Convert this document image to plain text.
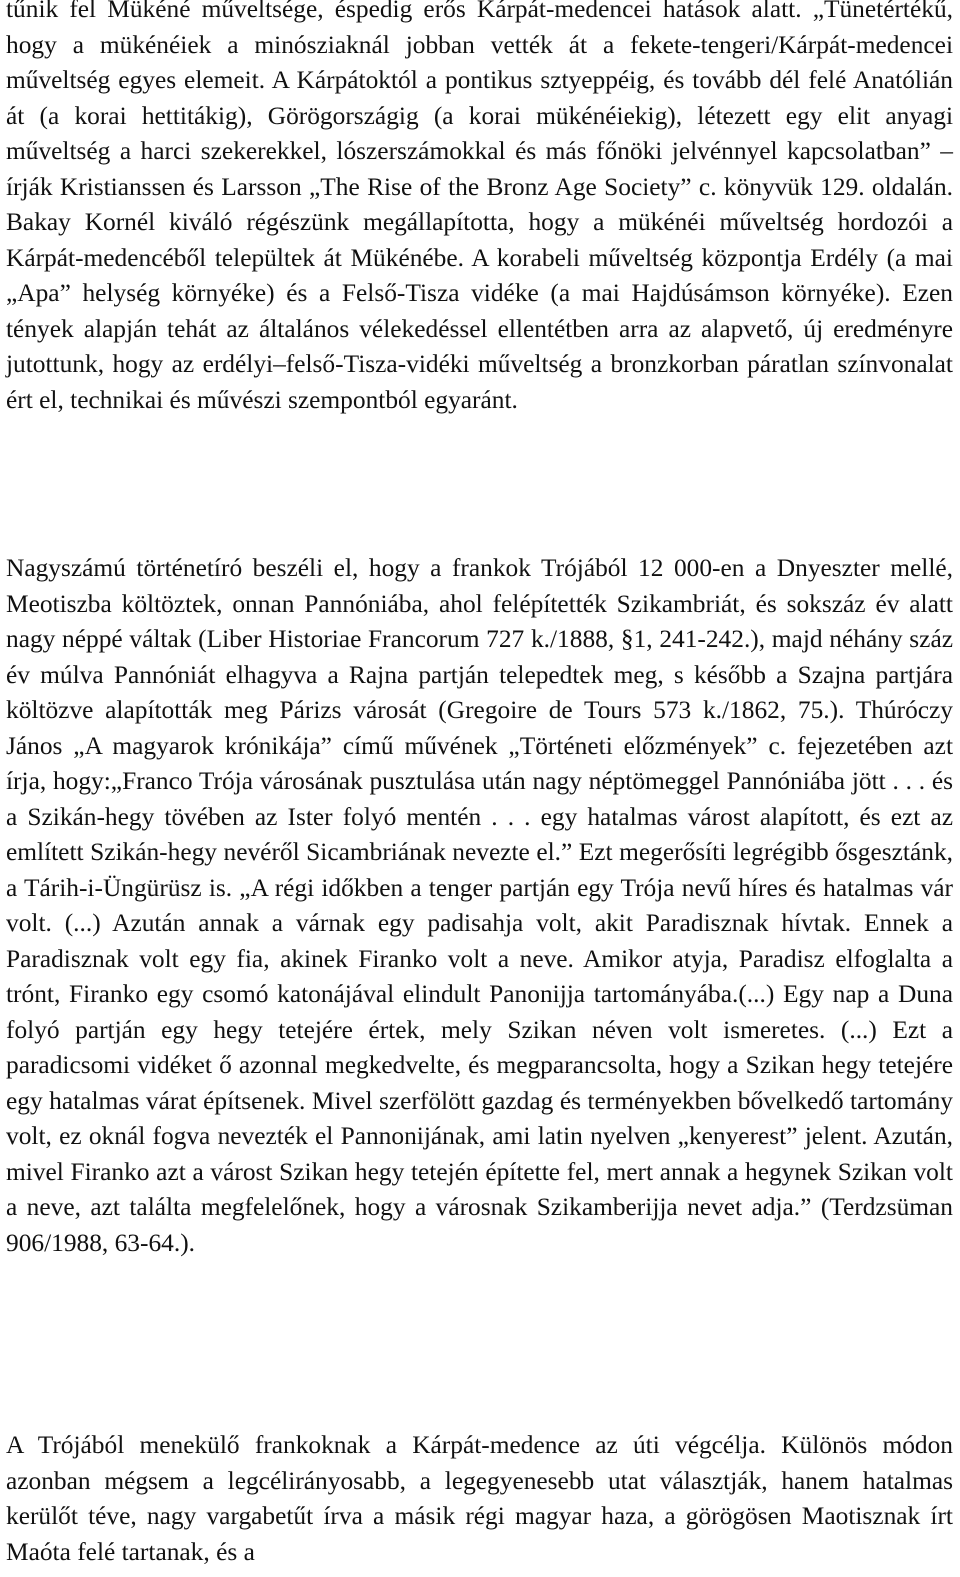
tűnik fel Mükéné műveltsége, éspedig erős Kárpát-medencei hatások alatt. „Tünetértékű, hogy a mükénéiek a minósziaknál jobban vették át a fekete-tengeri/Kárpát-medencei műveltség egyes elemeit. A Kárpátoktól a pontikus sztyeppéig, és tovább dél felé Anatólián át (a korai hettitákig), Görögországig (a korai mükénéiekig), létezett egy elit anyagi műveltség a harci szekerekkel, lószerszámokkal és más főnöki jelvénnyel kapcsolatban” – írják Kristianssen és Larsson „The Rise of the Bronz Age Society” c. könyvük 129. oldalán. Bakay Kornél kiváló régészünk megállapította, hogy a mükénéi műveltség hordozói a Kárpát-medencéből települtek át Mükénébe. A korabeli műveltség központja Erdély (a mai „Apa” helység környéke) és a Felső-Tisza vidéke (a mai Hajdúsámson környéke). Ezen tények alapján tehát az általános vélekedéssel ellentétben arra az alapvető, új eredményre jutottunk, hogy az erdélyi–felső-Tisza-vidéki műveltség a bronzkorban páratlan színvonalat ért el, technikai és művészi szempontból egyaránt.

Nagyszámú történetíró beszéli el, hogy a frankok Trójából 12 000-en a Dnyeszter mellé, Meotiszba költöztek, onnan Pannóniába, ahol felépítették Szikambriát, és sokszáz év alatt nagy néppé váltak (Liber Historiae Francorum 727 k./1888, §1, 241-242.), majd néhány száz év múlva Pannóniát elhagyva a Rajna partján telepedtek meg, s később a Szajna partjára költözve alapították meg Párizs városát (Gregoire de Tours 573 k./1862, 75.). Thúróczy János „A magyarok krónikája” című művének „Történeti előzmények” c. fejezetében azt írja, hogy:„Franco Trója városának pusztulása után nagy néptömeggel Pannóniába jött . . . és a Szikán-hegy tövében az Ister folyó mentén . . . egy hatalmas várost alapított, és ezt az említett Szikán-hegy nevéről Sicambriának nevezte el.” Ezt megerősíti legrégibb ősgesztánk, a Tárih-i-Üngürüsz is. „A régi időkben a tenger partján egy Trója nevű híres és hatalmas vár volt. (...) Azután annak a várnak egy padisahja volt, akit Paradisznak hívtak. Ennek a Paradisznak volt egy fia, akinek Firanko volt a neve. Amikor atyja, Paradisz elfoglalta a trónt, Firanko egy csomó katonájával elindult Panonijja tartományába.(...) Egy nap a Duna folyó partján egy hegy tetejére értek, mely Szikan néven volt ismeretes. (...) Ezt a paradicsomi vidéket ő azonnal megkedvelte, és megparancsolta, hogy a Szikan hegy tetejére egy hatalmas várat építsenek. Mivel szerfölött gazdag és terményekben bővelkedő tartomány volt, ez oknál fogva nevezték el Pannonijának, ami latin nyelven „kenyerest” jelent. Azután, mivel Firanko azt a várost Szikan hegy tetején építette fel, mert annak a hegynek Szikan volt a neve, azt találta megfelelőnek, hogy a városnak Szikamberijja nevet adja.” (Terdzsüman 906/1988, 63-64.).

A Trójából menekülő frankoknak a Kárpát-medence az úti végcélja. Különös módon azonban mégsem a legcélirányosabb, a legegyenesebb utat választják, hanem hatalmas kerülőt téve, nagy vargabetűt írva a másik régi magyar haza, a görögösen Maotisznak írt Maóta felé tartanak, és a
